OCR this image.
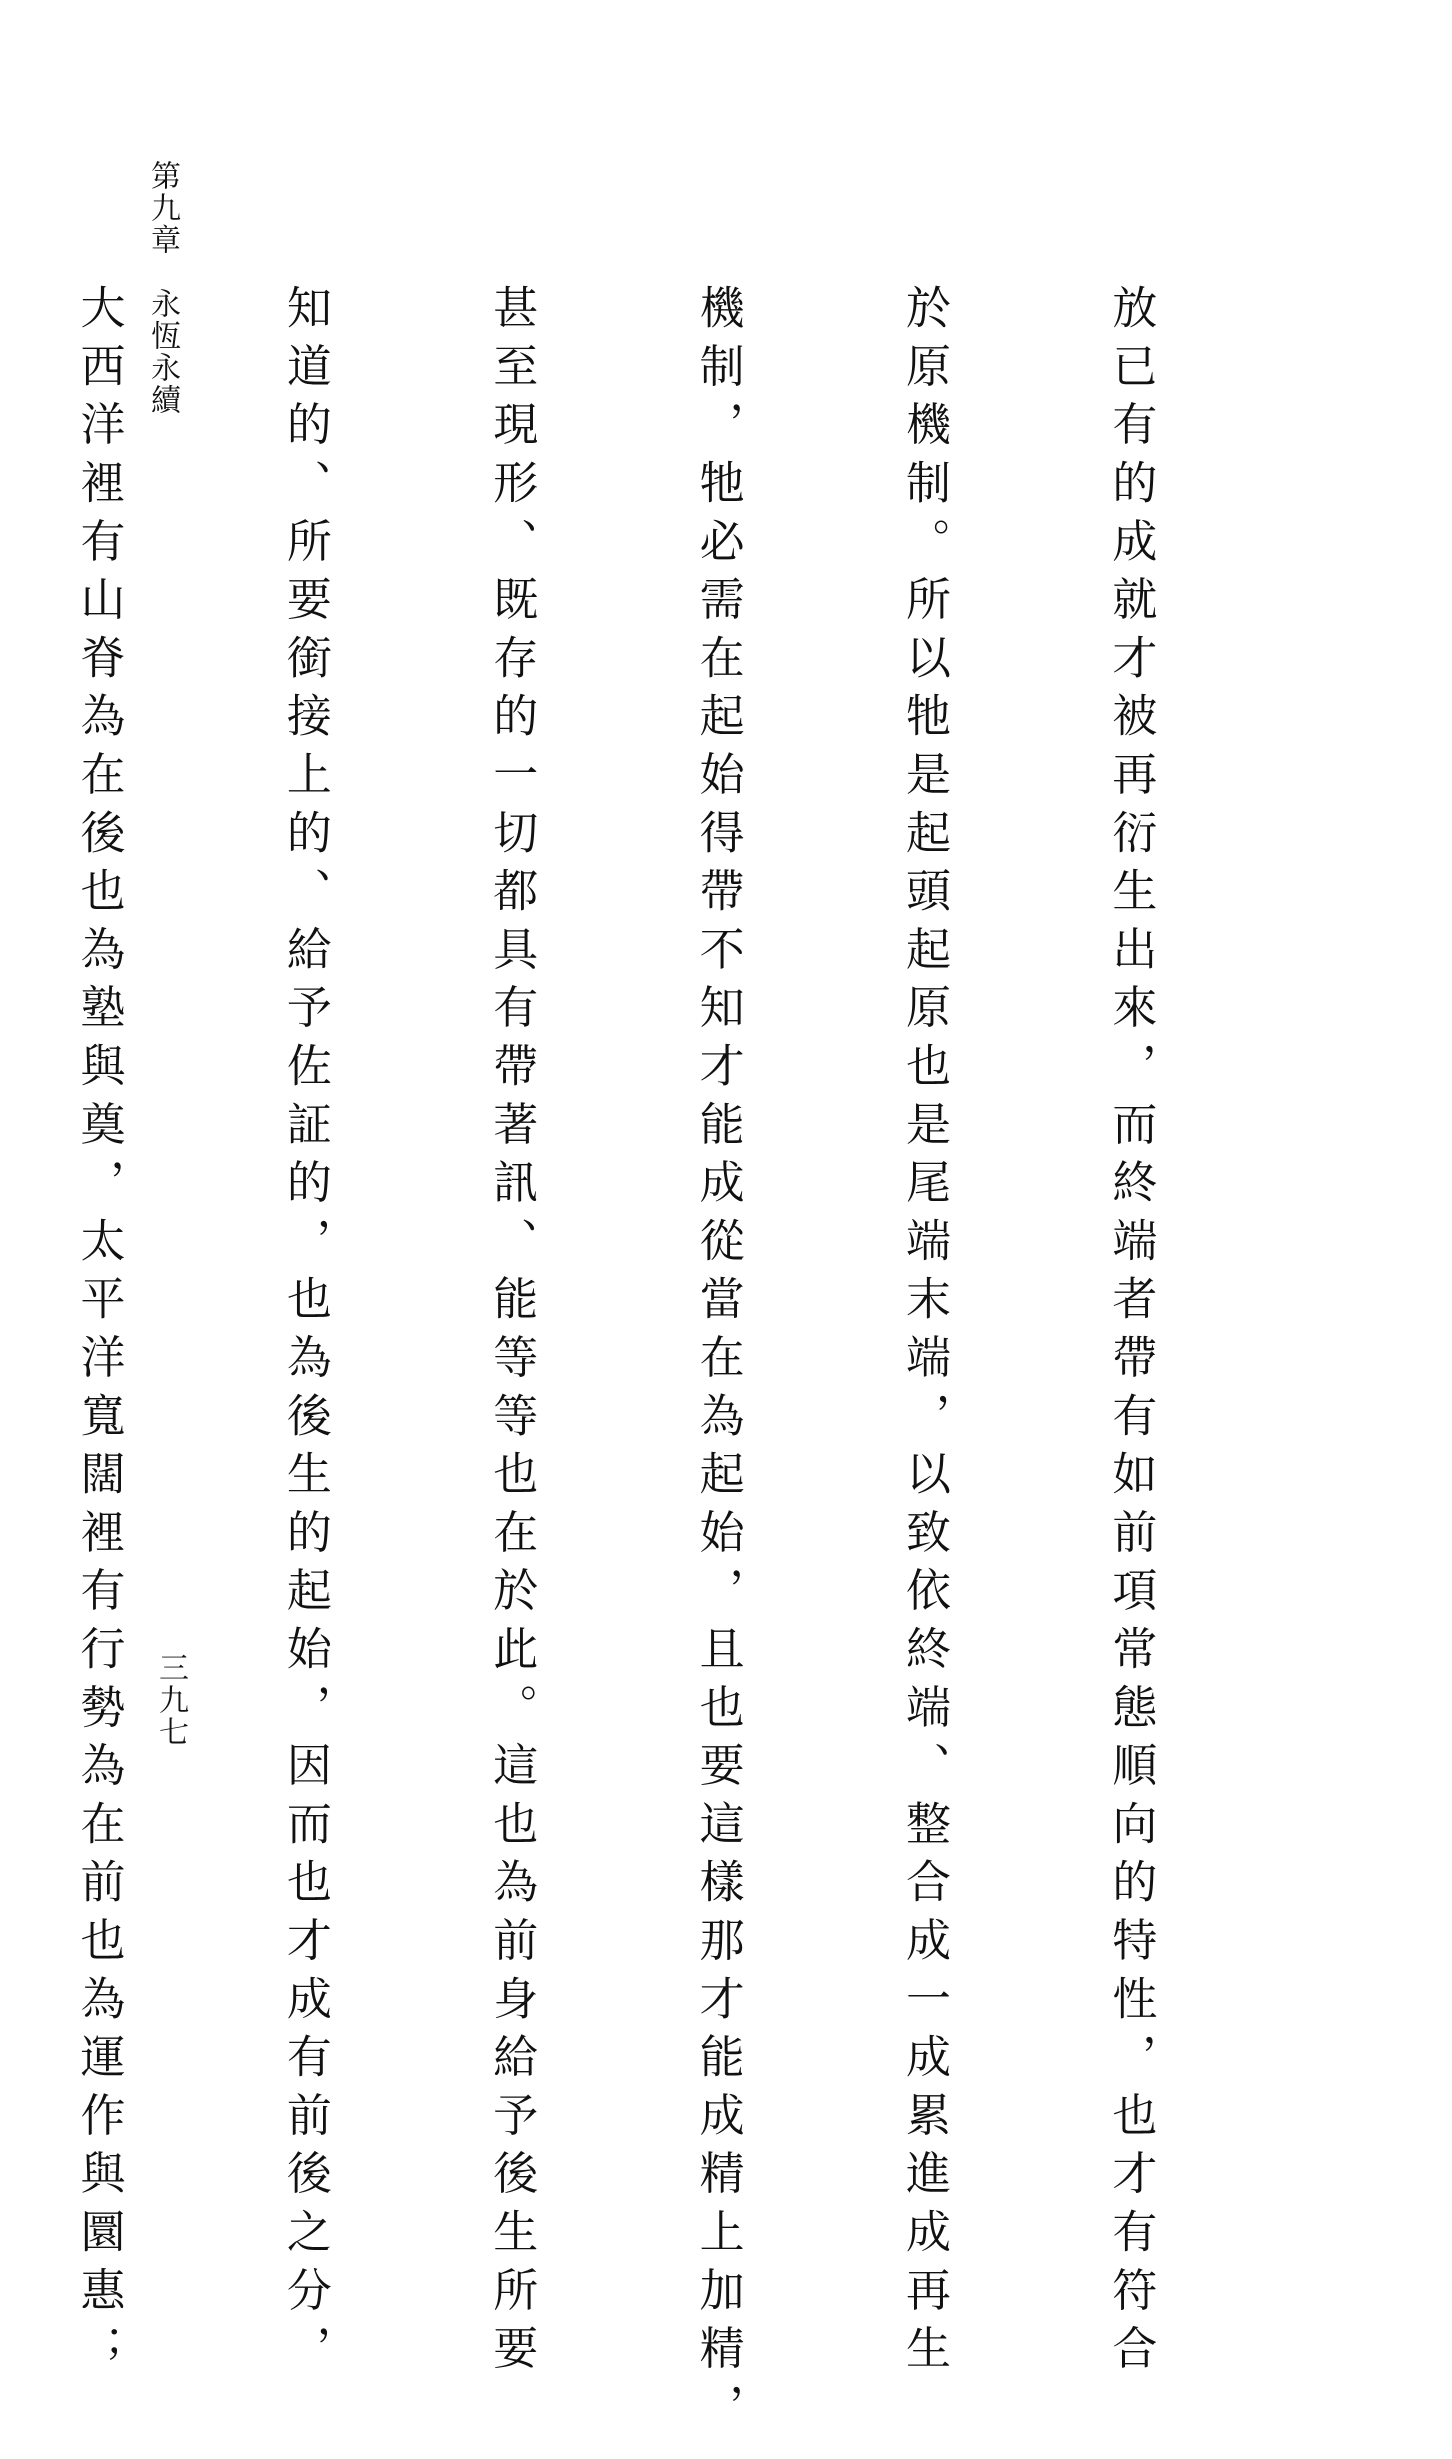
第九章　永恆永續
三九七

	放已有的成就才被再衍生出來，而終端者帶有如前項常態順向的特性，也才有符合

於原機制。所以牠是起頭起原也是尾端末端，以致依終端、整合成一成累進成再生

機制，牠必需在起始得帶不知才能成從當在為起始，且也要這樣那才能成精上加精，

甚至現形、既存的一切都具有帶著訊、能等等也在於此。這也為前身給予後生所要

知道的、所要銜接上的、給予佐証的，也為後生的起始，因而也才成有前後之分，

大西洋裡有山脊為在後也為塾與奠，太平洋寬闊裡有行勢為在前也為運作與圜惠；
